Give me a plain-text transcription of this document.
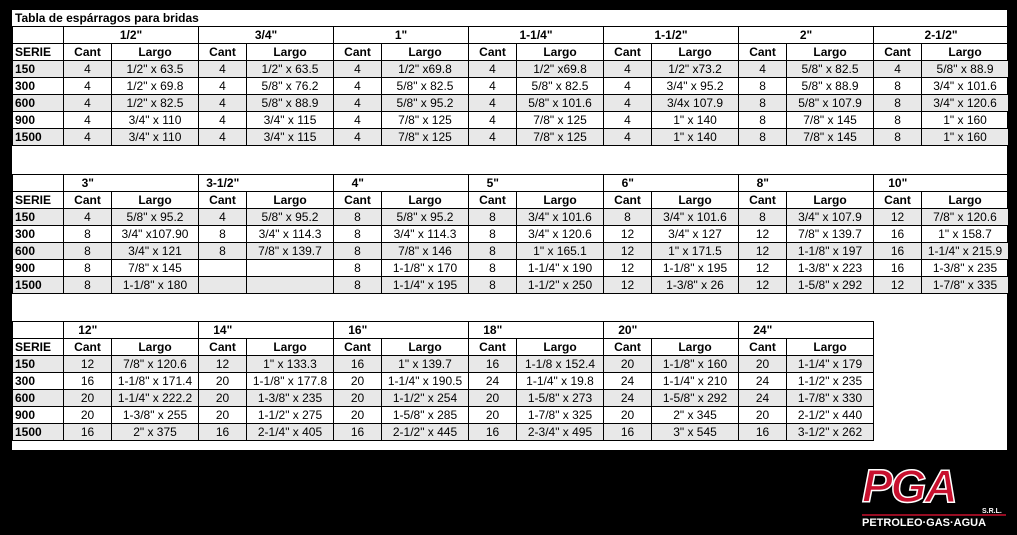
Tabla de espárragos para bridas
	1/2"		3/4"		1"		1-1/4"		1-1/2"		2"		2-1/2"	
SERIE	Cant	Largo	Cant	Largo	Cant	Largo	Cant	Largo	Cant	Largo	Cant	Largo	Cant	Largo
150	4	1/2" x 63.5	4	1/2" x 63.5	4	1/2" x69.8	4	1/2" x69.8	4	1/2" x73.2	4	5/8" x 82.5	4	5/8" x 88.9
300	4	1/2" x 69.8	4	5/8" x 76.2	4	5/8" x 82.5	4	5/8" x 82.5	4	3/4" x 95.2	8	5/8" x 88.9	8	3/4" x 101.6
600	4	1/2" x 82.5	4	5/8" x 88.9	4	5/8" x 95.2	4	5/8" x 101.6	4	3/4x 107.9	8	5/8" x 107.9	8	3/4" x 120.6
900	4	3/4" x 110	4	3/4" x 115	4	7/8" x 125	4	7/8" x 125	4	1" x 140	8	7/8" x 145	8	1" x 160
1500	4	3/4" x 110	4	3/4" x 115	4	7/8" x 125	4	7/8" x 125	4	1" x 140	8	7/8" x 145	8	1" x 160
	3"		3-1/2"		4"		5"		6"		8"		10"	
SERIE	Cant	Largo	Cant	Largo	Cant	Largo	Cant	Largo	Cant	Largo	Cant	Largo	Cant	Largo
150	4	5/8" x 95.2	4	5/8" x 95.2	8	5/8" x 95.2	8	3/4" x 101.6	8	3/4" x 101.6	8	3/4" x 107.9	12	7/8" x 120.6
300	8	3/4" x107.90	8	3/4" x 114.3	8	3/4" x 114.3	8	3/4" x 120.6	12	3/4" x 127	12	7/8" x 139.7	16	1" x 158.7
600	8	3/4" x 121	8	7/8" x 139.7	8	7/8" x 146	8	1" x 165.1	12	1" x 171.5	12	1-1/8" x 197	16	1-1/4" x 215.9
900	8	7/8" x 145			8	1-1/8" x 170	8	1-1/4" x 190	12	1-1/8" x 195	12	1-3/8" x 223	16	1-3/8" x 235
1500	8	1-1/8" x 180			8	1-1/4" x 195	8	1-1/2" x 250	12	1-3/8" x 26	12	1-5/8" x 292	12	1-7/8" x 335
	12"		14"		16"		18"		20"		24"	
SERIE	Cant	Largo	Cant	Largo	Cant	Largo	Cant	Largo	Cant	Largo	Cant	Largo
150	12	7/8" x 120.6	12	1" x 133.3	16	1" x 139.7	16	1-1/8 x 152.4	20	1-1/8" x 160	20	1-1/4" x 179
300	16	1-1/8" x 171.4	20	1-1/8" x 177.8	20	1-1/4" x 190.5	24	1-1/4" x 19.8	24	1-1/4" x 210	24	1-1/2" x 235
600	20	1-1/4" x 222.2	20	1-3/8" x 235	20	1-1/2" x 254	20	1-5/8" x 273	24	1-5/8" x 292	24	1-7/8" x 330
900	20	1-3/8" x 255	20	1-1/2" x 275	20	1-5/8" x 285	20	1-7/8" x 325	20	2" x 345	20	2-1/2" x 440
1500	16	2" x 375	16	2-1/4" x 405	16	2-1/2" x 445	16	2-3/4" x 495	16	3" x 545	16	3-1/2" x 262
PGA	S.R.L.
PETROLEO·GAS·AGUA
